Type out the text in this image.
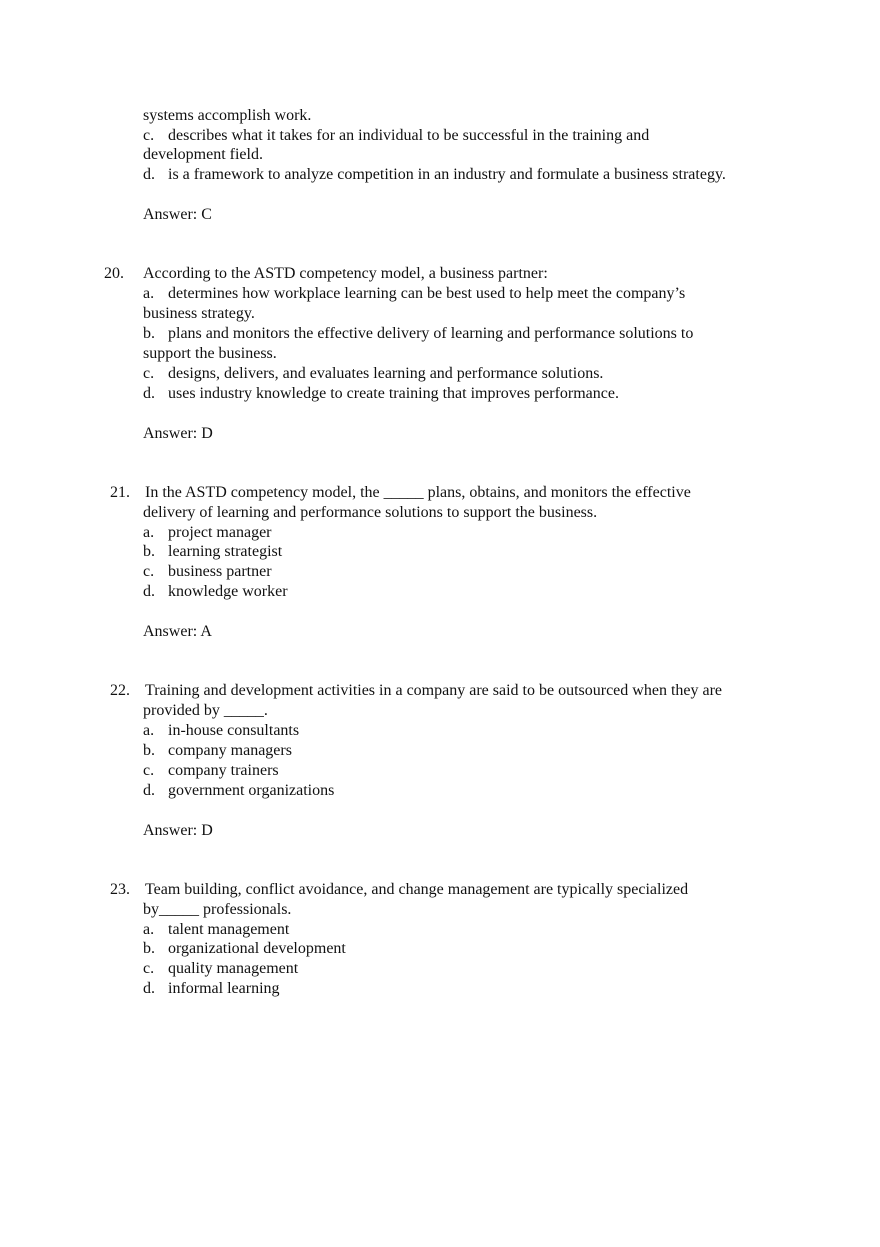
systems accomplish work.
c. describes what it takes for an individual to be successful in the training and
development field.
d. is a framework to analyze competition in an industry and formulate a business strategy.
Answer: C
20. According to the ASTD competency model, a business partner:
a. determines how workplace learning can be best used to help meet the company’s
business strategy.
b. plans and monitors the effective delivery of learning and performance solutions to
support the business.
c. designs, delivers, and evaluates learning and performance solutions.
d. uses industry knowledge to create training that improves performance.
Answer: D
21. In the ASTD competency model, the _____ plans, obtains, and monitors the effective
delivery of learning and performance solutions to support the business.
a. project manager
b. learning strategist
c. business partner
d. knowledge worker
Answer: A
22. Training and development activities in a company are said to be outsourced when they are
provided by _____.
a. in-house consultants
b. company managers
c. company trainers
d. government organizations
Answer: D
23. Team building, conflict avoidance, and change management are typically specialized
by_____ professionals.
a. talent management
b. organizational development
c. quality management
d. informal learning
